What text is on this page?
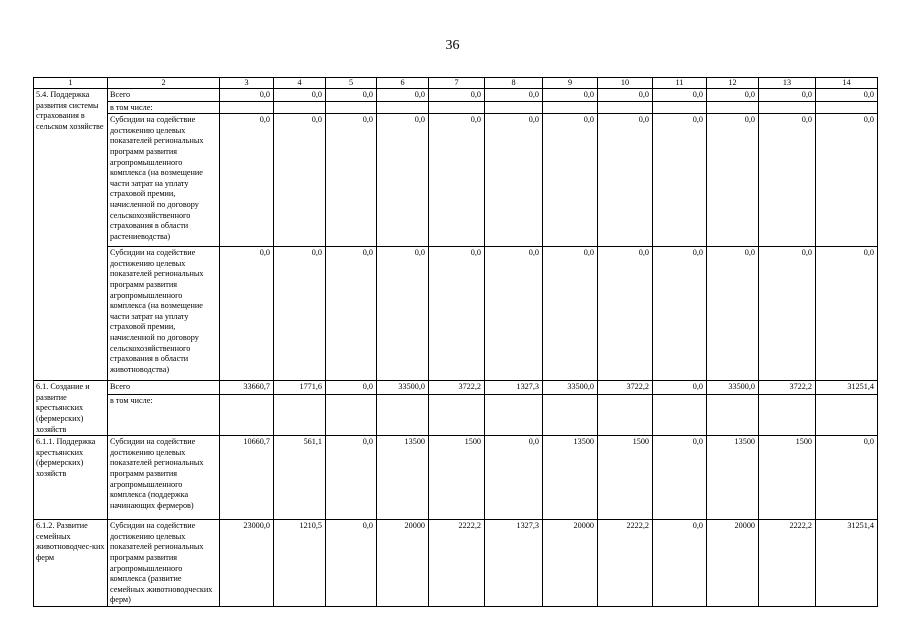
36
1	2	3	4	5	6	7	8	9	10	11	12	13	14
5.4. Поддержка развития системы страхования в сельском хозяйстве	Всего	0,0	0,0	0,0	0,0	0,0	0,0	0,0	0,0	0,0	0,0	0,0	0,0
	в том числе:												
	Субсидии на содействие достижению целевых показателей региональных программ развития агропромышленного комплекса (на возмещение части затрат на уплату страховой премии, начисленной по договору сельскохозяйственного страхования в области растениеводства)	0,0	0,0	0,0	0,0	0,0	0,0	0,0	0,0	0,0	0,0	0,0	0,0
	Субсидии на содействие достижению целевых показателей региональных программ развития агропромышленного комплекса (на возмещение части затрат на уплату страховой премии, начисленной по договору сельскохозяйственного страхования в области животноводства)	0,0	0,0	0,0	0,0	0,0	0,0	0,0	0,0	0,0	0,0	0,0	0,0
6.1. Создание и развитие крестьянских (фермерских) хозяйств	Всего	33660,7	1771,6	0,0	33500,0	3722,2	1327,3	33500,0	3722,2	0,0	33500,0	3722,2	31251,4
	в том числе:												
6.1.1. Поддержка крестьянских (фермерских) хозяйств	Субсидии на содействие достижению целевых показателей региональных программ развития агропромышленного комплекса (поддержка начинающих фермеров)	10660,7	561,1	0,0	13500	1500	0,0	13500	1500	0,0	13500	1500	0,0
6.1.2. Развитие семейных животноводчес-ких ферм	Субсидии на содействие достижению целевых показателей региональных программ развития агропромышленного комплекса (развитие семейных животноводческих ферм)	23000,0	1210,5	0,0	20000	2222,2	1327,3	20000	2222,2	0,0	20000	2222,2	31251,4
